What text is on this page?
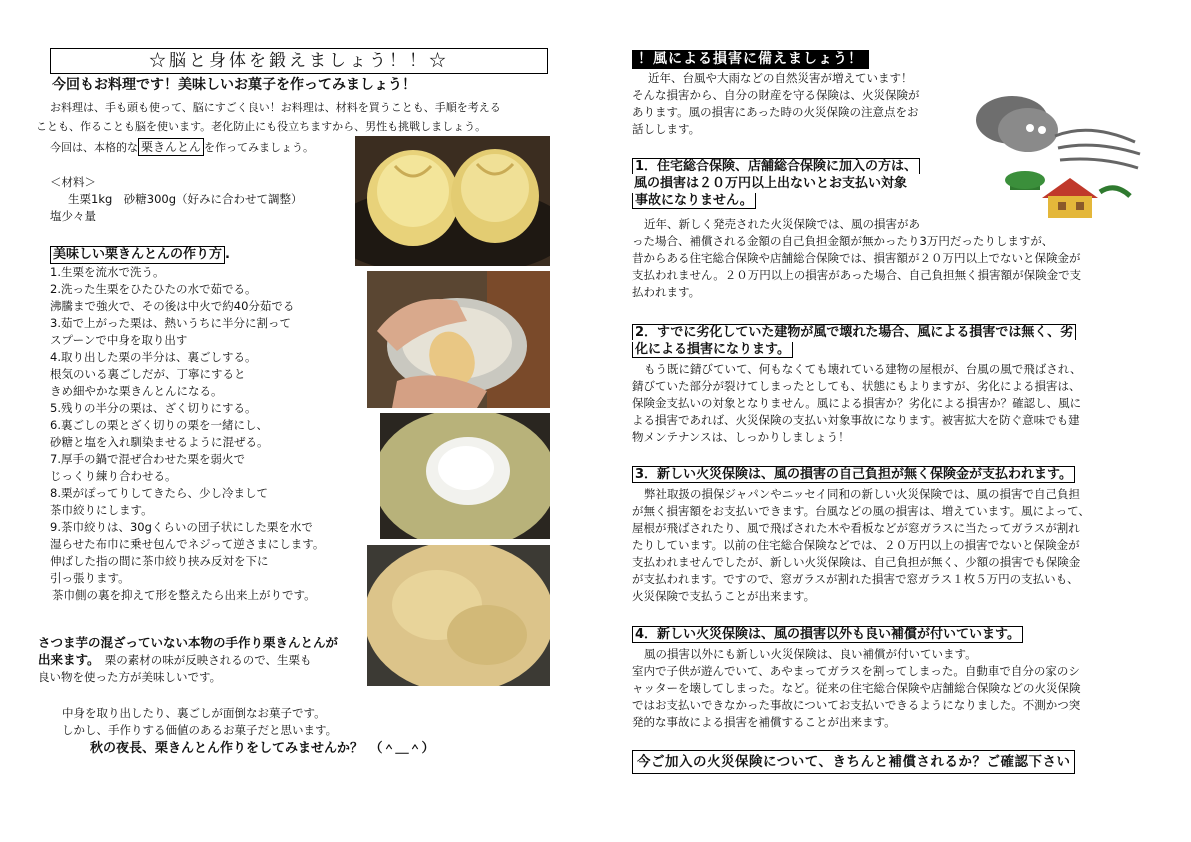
☆脳と身体を鍛えましょう！！☆
今回もお料理です！美味しいお菓子を作ってみましょう！
お料理は、手も頭も使って、脳にすごく良い！お料理は、材料を買うことも、手順を考える
ことも、作ることも脳を使います。老化防止にも役立ちますから、男性も挑戦しましょう。
今回は、本格的な 栗きんとん を作ってみましょう。
＜材料＞
生栗1kg　砂糖300g（好みに合わせて調整）
塩少々量
美味しい栗きんとんの作り方 .
1.生栗を流水で洗う。
2.洗った生栗をひたひたの水で茹でる。
沸騰まで強火で、その後は中火で約40分茹でる
3.茹で上がった栗は、熱いうちに半分に割って
スプーンで中身を取り出す
4.取り出した栗の半分は、裏ごしする。
根気のいる裏ごしだが、丁寧にすると
きめ細やかな栗きんとんになる。
5.残りの半分の栗は、ざく切りにする。
6.裏ごしの栗とざく切りの栗を一緒にし、
砂糖と塩を入れ馴染ませるように混ぜる。
7.厚手の鍋で混ぜ合わせた栗を弱火で
じっくり練り合わせる。
8.栗がぽってりしてきたら、少し冷まして
茶巾絞りにします。
9.茶巾絞りは、30gくらいの団子状にした栗を水で
湿らせた布巾に乗せ包んでネジって逆さまにします。
伸ばした指の間に茶巾絞り挟み反対を下に
引っ張ります。
茶巾側の裏を抑えて形を整えたら出来上がりです。
さつま芋の混ざっていない本物の手作り栗きんとんが
出来ます。　 栗の素材の味が反映されるので、生栗も
良い物を使った方が美味しいです。
中身を取り出したり、裏ごしが面倒なお菓子です。
しかし、手作りする価値のあるお菓子だと思います。
秋の夜長、栗きんとん作りをしてみませんか？　（＾＿＾）
！風による損害に備えましょう！
近年、台風や大雨などの自然災害が増えています！
そんな損害から、自分の財産を守る保険は、火災保険が
あります。風の損害にあった時の火災保険の注意点をお
話しします。
1．住宅総合保険、店舗総合保険に加入の方は、
風の損害は２０万円以上出ないとお支払い対象
事故になりません。
近年、新しく発売された火災保険では、風の損害があ
った場合、補償される金額の自己負担金額が無かったり3万円だったりしますが、
昔からある住宅総合保険や店舗総合保険では、損害額が２０万円以上でないと保険金が
支払われません。２０万円以上の損害があった場合、自己負担無く損害額が保険金で支
払われます。
2．すでに劣化していた建物が風で壊れた場合、風による損害では無く、劣
化による損害になります。
もう既に錆びていて、何もなくても壊れている建物の屋根が、台風の風で飛ばされ、
錆びていた部分が裂けてしまったとしても、状態にもよりますが、劣化による損害は、
保険金支払いの対象となりません。風による損害か？劣化による損害か？確認し、風に
よる損害であれば、火災保険の支払い対象事故になります。被害拡大を防ぐ意味でも建
物メンテナンスは、しっかりしましょう！
3．新しい火災保険は、風の損害の自己負担が無く保険金が支払われます。
弊社取扱の損保ジャパンやニッセイ同和の新しい火災保険では、風の損害で自己負担
が無く損害額をお支払いできます。台風などの風の損害は、増えています。風によって、
屋根が飛ばされたり、風で飛ばされた木や看板などが窓ガラスに当たってガラスが割れ
たりしています。以前の住宅総合保険などでは、２０万円以上の損害でないと保険金が
支払われませんでしたが、新しい火災保険は、自己負担が無く、少額の損害でも保険金
が支払われます。ですので、窓ガラスが割れた損害で窓ガラス１枚５万円の支払いも、
火災保険で支払うことが出来ます。
4．新しい火災保険は、風の損害以外も良い補償が付いています。
風の損害以外にも新しい火災保険は、良い補償が付いています。
室内で子供が遊んでいて、あやまってガラスを割ってしまった。自動車で自分の家のシ
ャッターを壊してしまった。など。従来の住宅総合保険や店舗総合保険などの火災保険
ではお支払いできなかった事故についてお支払いできるようになりました。不測かつ突
発的な事故による損害を補償することが出来ます。
今ご加入の火災保険について、きちんと補償されるか？ご確認下さい
